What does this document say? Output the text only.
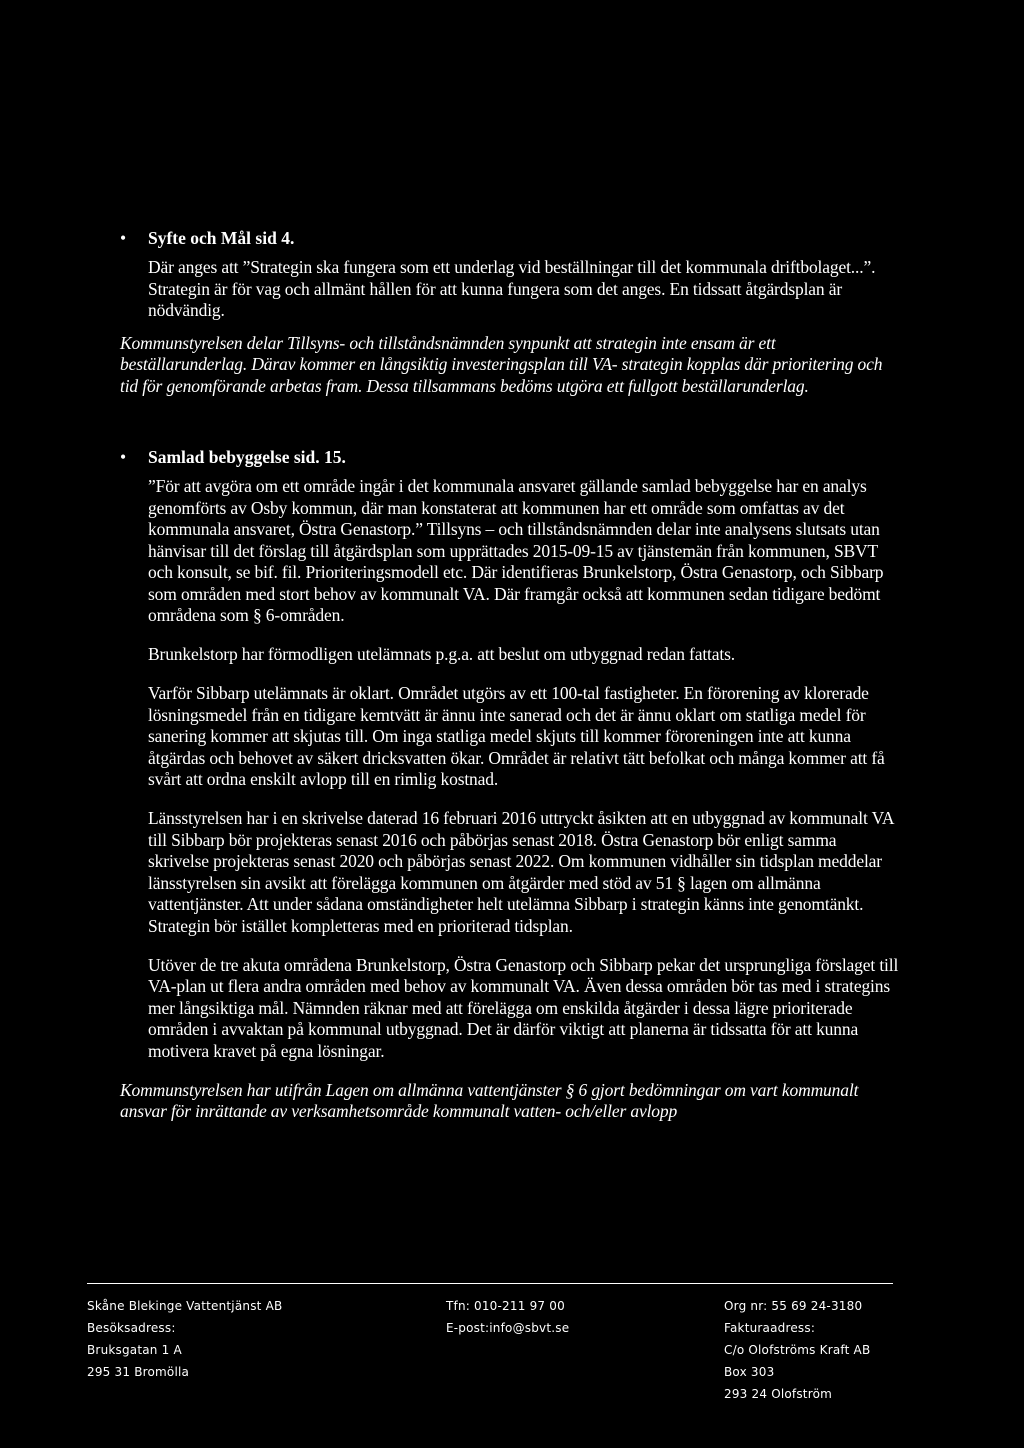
•	Syfte och Mål sid 4.

Där anges att ”Strategin ska fungera som ett underlag vid beställningar till det kommunala driftbolaget...”. Strategin är för vag och allmänt hållen för att kunna fungera som det anges. En tidssatt åtgärdsplan är nödvändig.

Kommunstyrelsen delar Tillsyns- och tillståndsnämnden synpunkt att strategin inte ensam är ett beställarunderlag. Därav kommer en långsiktig investeringsplan till VA- strategin kopplas där prioritering och tid för genomförande arbetas fram. Dessa tillsammans bedöms utgöra ett fullgott beställarunderlag.

•	Samlad bebyggelse sid. 15.

”För att avgöra om ett område ingår i det kommunala ansvaret gällande samlad bebyggelse har en analys genomförts av Osby kommun, där man konstaterat att kommunen har ett område som omfattas av det kommunala ansvaret, Östra Genastorp.” Tillsyns – och tillståndsnämnden delar inte analysens slutsats utan hänvisar till det förslag till åtgärdsplan som upprättades 2015-09-15 av tjänstemän från kommunen, SBVT och konsult, se bif. fil. Prioriteringsmodell etc. Där identifieras Brunkelstorp, Östra Genastorp, och Sibbarp som områden med stort behov av kommunalt VA. Där framgår också att kommunen sedan tidigare bedömt områdena som § 6-områden.

Brunkelstorp har förmodligen utelämnats p.g.a. att beslut om utbyggnad redan fattats.

Varför Sibbarp utelämnats är oklart. Området utgörs av ett 100-tal fastigheter. En förorening av klorerade lösningsmedel från en tidigare kemtvätt är ännu inte sanerad och det är ännu oklart om statliga medel för sanering kommer att skjutas till. Om inga statliga medel skjuts till kommer föroreningen inte att kunna åtgärdas och behovet av säkert dricksvatten ökar. Området är relativt tätt befolkat och många kommer att få svårt att ordna enskilt avlopp till en rimlig kostnad.

Länsstyrelsen har i en skrivelse daterad 16 februari 2016 uttryckt åsikten att en utbyggnad av kommunalt VA till Sibbarp bör projekteras senast 2016 och påbörjas senast 2018. Östra Genastorp bör enligt samma skrivelse projekteras senast 2020 och påbörjas senast 2022. Om kommunen vidhåller sin tidsplan meddelar länsstyrelsen sin avsikt att förelägga kommunen om åtgärder med stöd av 51 § lagen om allmänna vattentjänster. Att under sådana omständigheter helt utelämna Sibbarp i strategin känns inte genomtänkt. Strategin bör istället kompletteras med en prioriterad tidsplan.

Utöver de tre akuta områdena Brunkelstorp, Östra Genastorp och Sibbarp pekar det ursprungliga förslaget till VA-plan ut flera andra områden med behov av kommunalt VA. Även dessa områden bör tas med i strategins mer långsiktiga mål. Nämnden räknar med att förelägga om enskilda åtgärder i dessa lägre prioriterade områden i avvaktan på kommunal utbyggnad. Det är därför viktigt att planerna är tidssatta för att kunna motivera kravet på egna lösningar.

Kommunstyrelsen har utifrån Lagen om allmänna vattentjänster § 6 gjort bedömningar om vart kommunalt ansvar för inrättande av verksamhetsområde kommunalt vatten- och/eller avlopp

Skåne Blekinge Vattentjänst AB
Besöksadress:
Bruksgatan 1 A
295 31 Bromölla
Tfn: 010-211 97 00
E-post:info@sbvt.se
Org nr: 55 69 24-3180
Fakturaadress:
C/o Olofströms Kraft AB
Box 303
293 24 Olofström
